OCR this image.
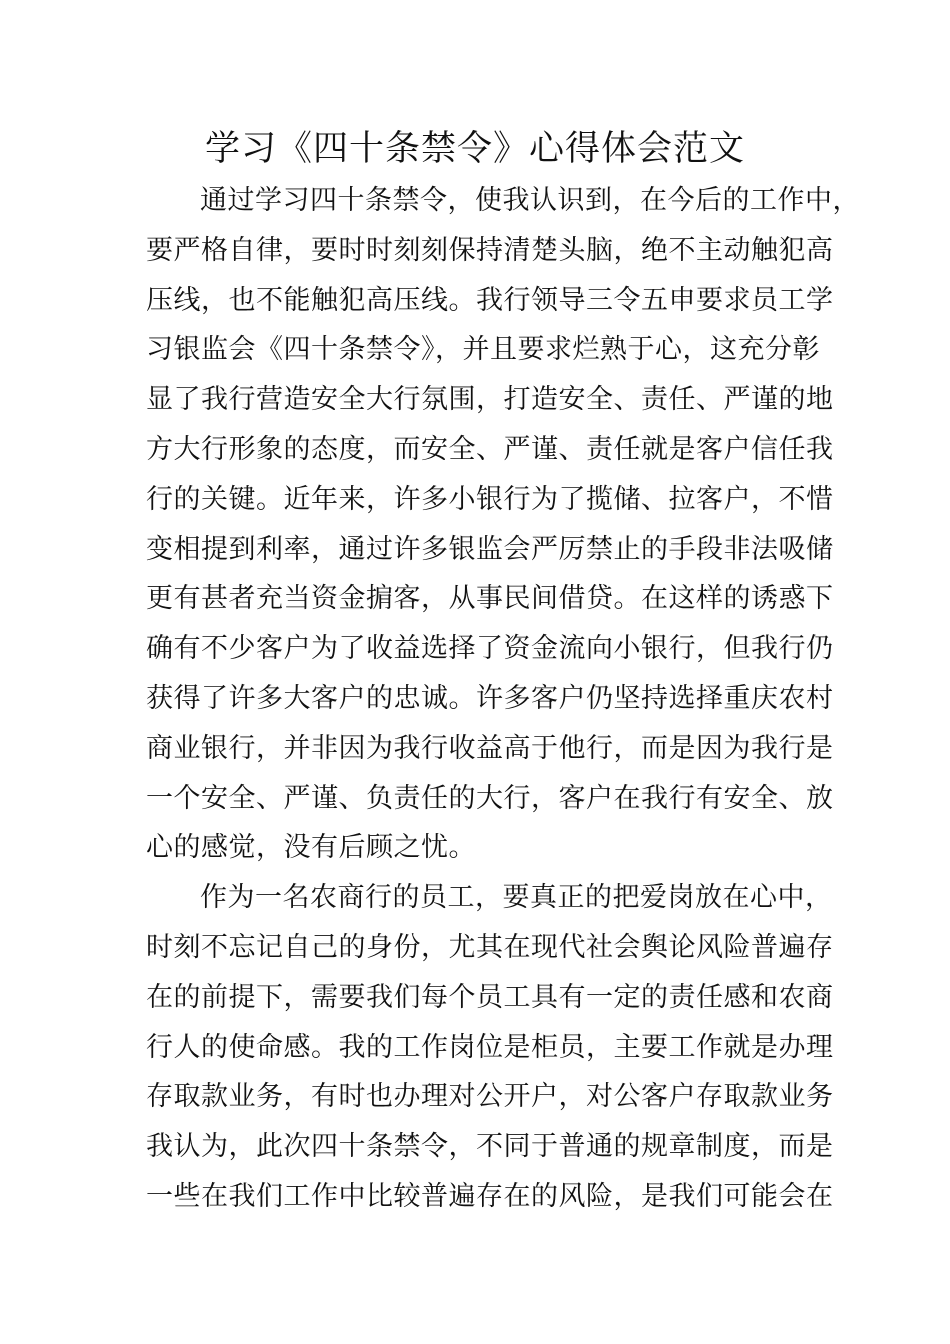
学习《四十条禁令》心得体会范文
通过学习四十条禁令，使我认识到，在今后的工作中，
要严格自律，要时时刻刻保持清楚头脑，绝不主动触犯高
压线，也不能触犯高压线。我行领导三令五申要求员工学
习银监会《四十条禁令》，并且要求烂熟于心，这充分彰
显了我行营造安全大行氛围，打造安全、责任、严谨的地
方大行形象的态度，而安全、严谨、责任就是客户信任我
行的关键。近年来，许多小银行为了揽储、拉客户，不惜
变相提到利率，通过许多银监会严厉禁止的手段非法吸储
更有甚者充当资金掮客，从事民间借贷。在这样的诱惑下
确有不少客户为了收益选择了资金流向小银行，但我行仍
获得了许多大客户的忠诚。许多客户仍坚持选择重庆农村
商业银行，并非因为我行收益高于他行，而是因为我行是
一个安全、严谨、负责任的大行，客户在我行有安全、放
心的感觉，没有后顾之忧。
作为一名农商行的员工，要真正的把爱岗放在心中，
时刻不忘记自己的身份，尤其在现代社会舆论风险普遍存
在的前提下，需要我们每个员工具有一定的责任感和农商
行人的使命感。我的工作岗位是柜员，主要工作就是办理
存取款业务，有时也办理对公开户，对公客户存取款业务
我认为，此次四十条禁令，不同于普通的规章制度，而是
一些在我们工作中比较普遍存在的风险，是我们可能会在
